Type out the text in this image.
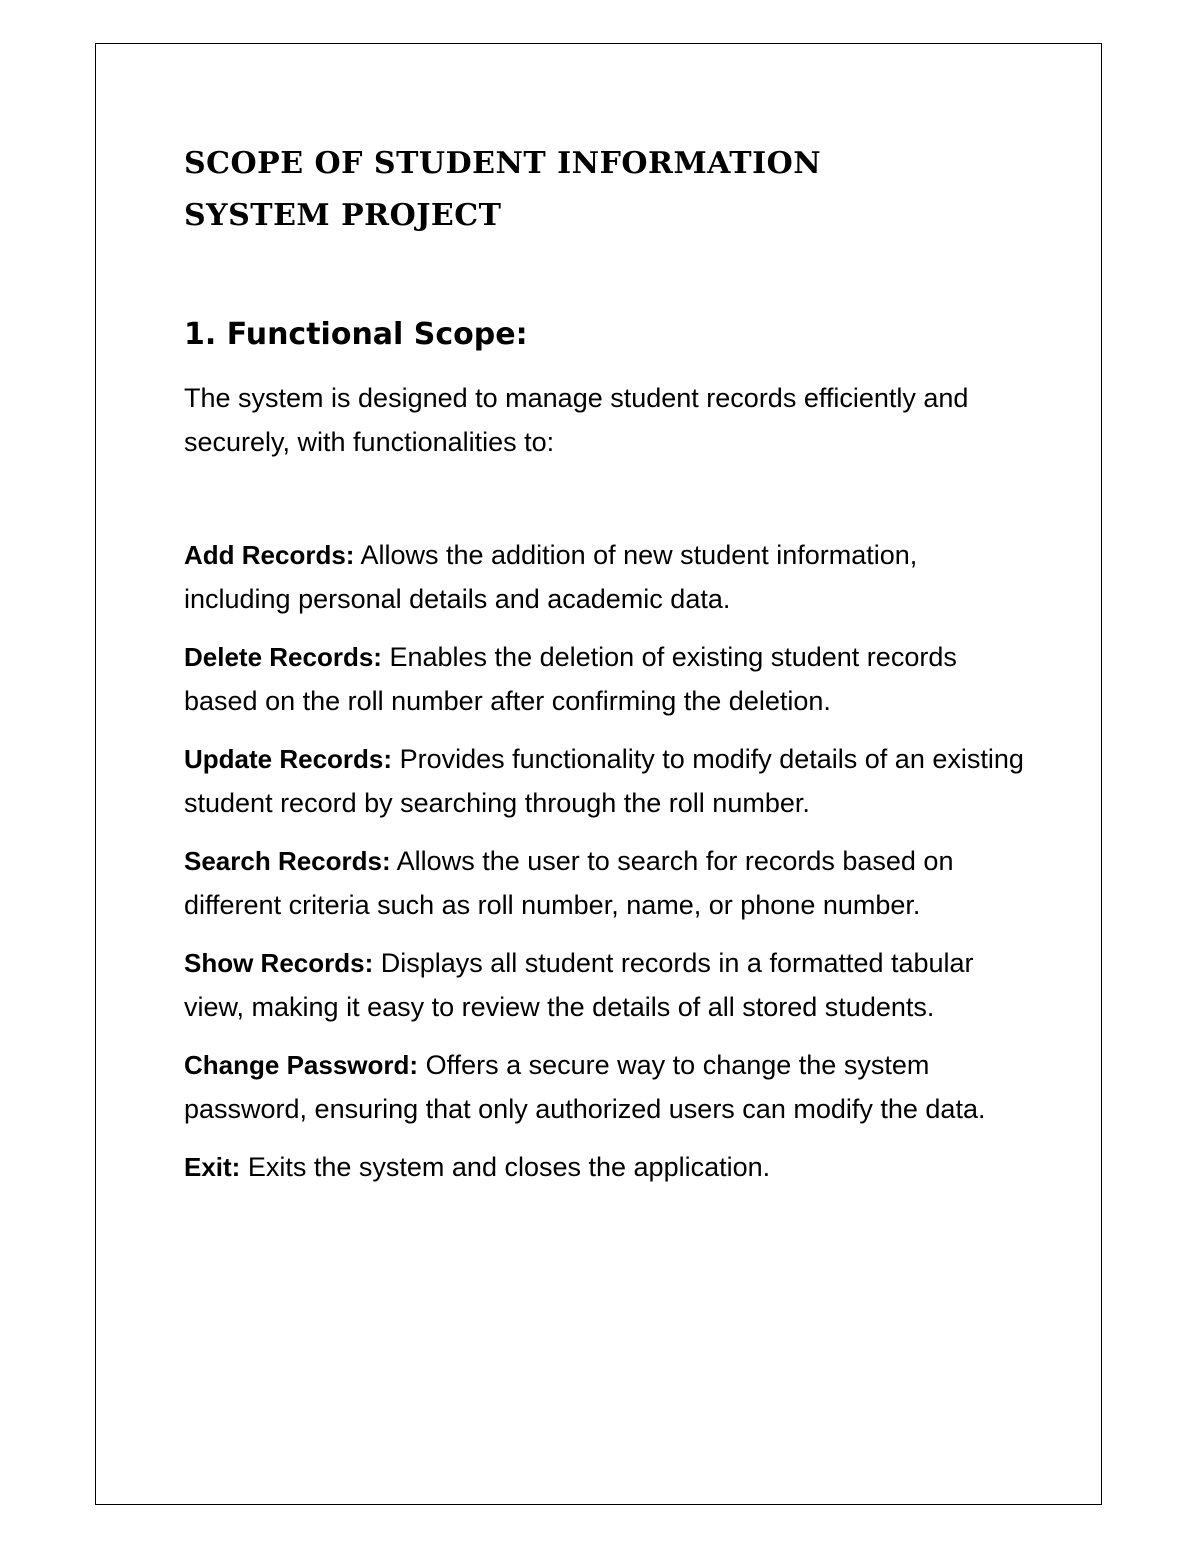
SCOPE OF STUDENT INFORMATION SYSTEM PROJECT
1. Functional Scope:

The system is designed to manage student records efficiently and securely, with functionalities to:

Add Records: Allows the addition of new student information, including personal details and academic data.

Delete Records: Enables the deletion of existing student records based on the roll number after confirming the deletion.

Update Records: Provides functionality to modify details of an existing student record by searching through the roll number.

Search Records: Allows the user to search for records based on different criteria such as roll number, name, or phone number.

Show Records: Displays all student records in a formatted tabular view, making it easy to review the details of all stored students.

Change Password: Offers a secure way to change the system password, ensuring that only authorized users can modify the data.

Exit: Exits the system and closes the application.
